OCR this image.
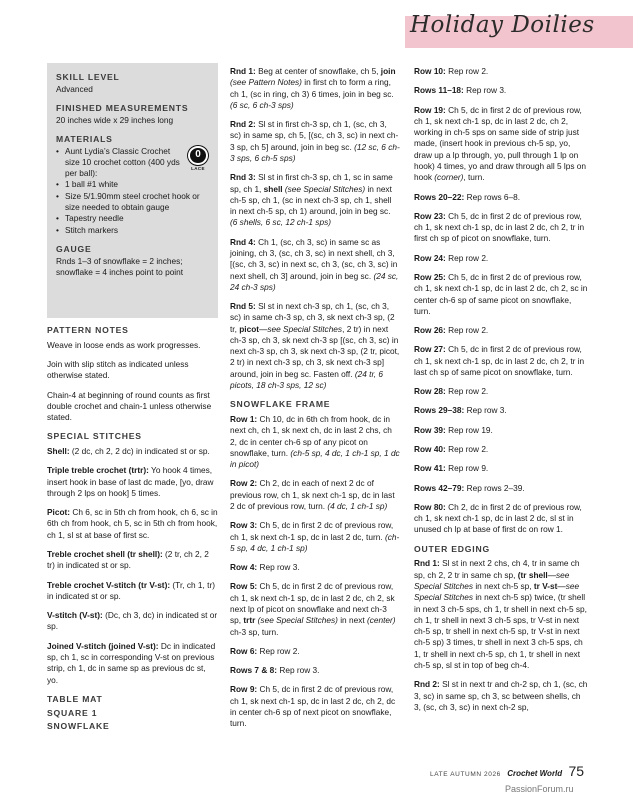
Holiday Doilies
SKILL LEVEL
Advanced
FINISHED MEASUREMENTS
20 inches wide x 29 inches long
MATERIALS
• Aunt Lydia’s Classic Crochet size 10 crochet cotton (400 yds per ball):
0
LACE
• 1 ball #1 white
• Size 5/1.90mm steel crochet hook or size needed to obtain gauge
• Tapestry needle
• Stitch markers
GAUGE
Rnds 1–3 of snowflake = 2 inches; snowflake = 4 inches point to point
PATTERN NOTES
Weave in loose ends as work progresses.
Join with slip stitch as indicated unless otherwise stated.
Chain-4 at beginning of round counts as first double crochet and chain-1 unless otherwise stated.
SPECIAL STITCHES
Shell: (2 dc, ch 2, 2 dc) in indicated st or sp.
Triple treble crochet (trtr): Yo hook 4 times, insert hook in base of last dc made, [yo, draw through 2 lps on hook] 5 times.
Picot: Ch 6, sc in 5th ch from hook, ch 6, sc in 6th ch from hook, ch 5, sc in 5th ch from hook, ch 1, sl st at base of first sc.
Treble crochet shell (tr shell): (2 tr, ch 2, 2 tr) in indicated st or sp.
Treble crochet V-stitch (tr V-st): (Tr, ch 1, tr) in indicated st or sp.
V-stitch (V-st): (Dc, ch 3, dc) in indicated st or sp.
Joined V-stitch (joined V-st): Dc in indicated sp, ch 1, sc in corresponding V-st on previous strip, ch 1, dc in same sp as previous dc st, yo.
TABLE MAT
SQUARE 1
SNOWFLAKE
Rnd 1: Beg at center of snowflake, ch 5, join (see Pattern Notes) in first ch to form a ring, ch 1, (sc in ring, ch 3) 6 times, join in beg sc. (6 sc, 6 ch-3 sps)
Rnd 2: Sl st in first ch-3 sp, ch 1, (sc, ch 3, sc) in same sp, ch 5, [(sc, ch 3, sc) in next ch-3 sp, ch 5] around, join in beg sc. (12 sc, 6 ch-3 sps, 6 ch-5 sps)
Rnd 3: Sl st in first ch-3 sp, ch 1, sc in same sp, ch 1, shell (see Special Stitches) in next ch-5 sp, ch 1, (sc in next ch-3 sp, ch 1, shell in next ch-5 sp, ch 1) around, join in beg sc. (6 shells, 6 sc, 12 ch-1 sps)
Rnd 4: Ch 1, (sc, ch 3, sc) in same sc as joining, ch 3, (sc, ch 3, sc) in next shell, ch 3, [(sc, ch 3, sc) in next sc, ch 3, (sc, ch 3, sc) in next shell, ch 3] around, join in beg sc. (24 sc, 24 ch-3 sps)
Rnd 5: Sl st in next ch-3 sp, ch 1, (sc, ch 3, sc) in same ch-3 sp, ch 3, sk next ch-3 sp, (2 tr, picot—see Special Stitches, 2 tr) in next ch-3 sp, ch 3, sk next ch-3 sp [(sc, ch 3, sc) in next ch-3 sp, ch 3, sk next ch-3 sp, (2 tr, picot, 2 tr) in next ch-3 sp, ch 3, sk next ch-3 sp] around, join in beg sc. Fasten off. (24 tr, 6 picots, 18 ch-3 sps, 12 sc)
SNOWFLAKE FRAME
Row 1: Ch 10, dc in 6th ch from hook, dc in next ch, ch 1, sk next ch, dc in last 2 chs, ch 2, dc in center ch-6 sp of any picot on snowflake, turn. (ch-5 sp, 4 dc, 1 ch-1 sp, 1 dc in picot)
Row 2: Ch 2, dc in each of next 2 dc of previous row, ch 1, sk next ch-1 sp, dc in last 2 dc of previous row, turn. (4 dc, 1 ch-1 sp)
Row 3: Ch 5, dc in first 2 dc of previous row, ch 1, sk next ch-1 sp, dc in last 2 dc, turn. (ch-5 sp, 4 dc, 1 ch-1 sp)
Row 4: Rep row 3.
Row 5: Ch 5, dc in first 2 dc of previous row, ch 1, sk next ch-1 sp, dc in last 2 dc, ch 2, sk next lp of picot on snowflake and next ch-3 sp, trtr (see Special Stitches) in next (center) ch-3 sp, turn.
Row 6: Rep row 2.
Rows 7 & 8: Rep row 3.
Row 9: Ch 5, dc in first 2 dc of previous row, ch 1, sk next ch-1 sp, dc in last 2 dc, ch 2, dc in center ch-6 sp of next picot on snowflake, turn.
Row 10: Rep row 2.
Rows 11–18: Rep row 3.
Row 19: Ch 5, dc in first 2 dc of previous row, ch 1, sk next ch-1 sp, dc in last 2 dc, ch 2, working in ch-5 sps on same side of strip just made, (insert hook in previous ch-5 sp, yo, draw up a lp through, yo, pull through 1 lp on hook) 4 times, yo and draw through all 5 lps on hook (corner), turn.
Rows 20–22: Rep rows 6–8.
Row 23: Ch 5, dc in first 2 dc of previous row, ch 1, sk next ch-1 sp, dc in last 2 dc, ch 2, tr in first ch sp of picot on snowflake, turn.
Row 24: Rep row 2.
Row 25: Ch 5, dc in first 2 dc of previous row, ch 1, sk next ch-1 sp, dc in last 2 dc, ch 2, sc in center ch-6 sp of same picot on snowflake, turn.
Row 26: Rep row 2.
Row 27: Ch 5, dc in first 2 dc of previous row, ch 1, sk next ch-1 sp, dc in last 2 dc, ch 2, tr in last ch sp of same picot on snowflake, turn.
Row 28: Rep row 2.
Rows 29–38: Rep row 3.
Row 39: Rep row 19.
Row 40: Rep row 2.
Row 41: Rep row 9.
Rows 42–79: Rep rows 2–39.
Row 80: Ch 2, dc in first 2 dc of previous row, ch 1, sk next ch-1 sp, dc in last 2 dc, sl st in unused ch lp at base of first dc on row 1.
OUTER EDGING
Rnd 1: Sl st in next 2 chs, ch 4, tr in same ch sp, ch 2, 2 tr in same ch sp, (tr shell—see Special Stitches in next ch-5 sp, tr V-st—see Special Stitches in next ch-5 sp) twice, (tr shell in next 3 ch-5 sps, ch 1, tr shell in next ch-5 sp, ch 1, tr shell in next 3 ch-5 sps, tr V-st in next ch-5 sp, tr shell in next ch-5 sp, tr V-st in next ch-5 sp) 3 times, tr shell in next 3 ch-5 sps, ch 1, tr shell in next ch-5 sp, ch 1, tr shell in next ch-5 sp, sl st in top of beg ch-4.
Rnd 2: Sl st in next tr and ch-2 sp, ch 1, (sc, ch 3, sc) in same sp, ch 3, sc between shells, ch 3, (sc, ch 3, sc) in next ch-2 sp,
LATE AUTUMN 2026 Crochet World 75
PassionForum.ru
